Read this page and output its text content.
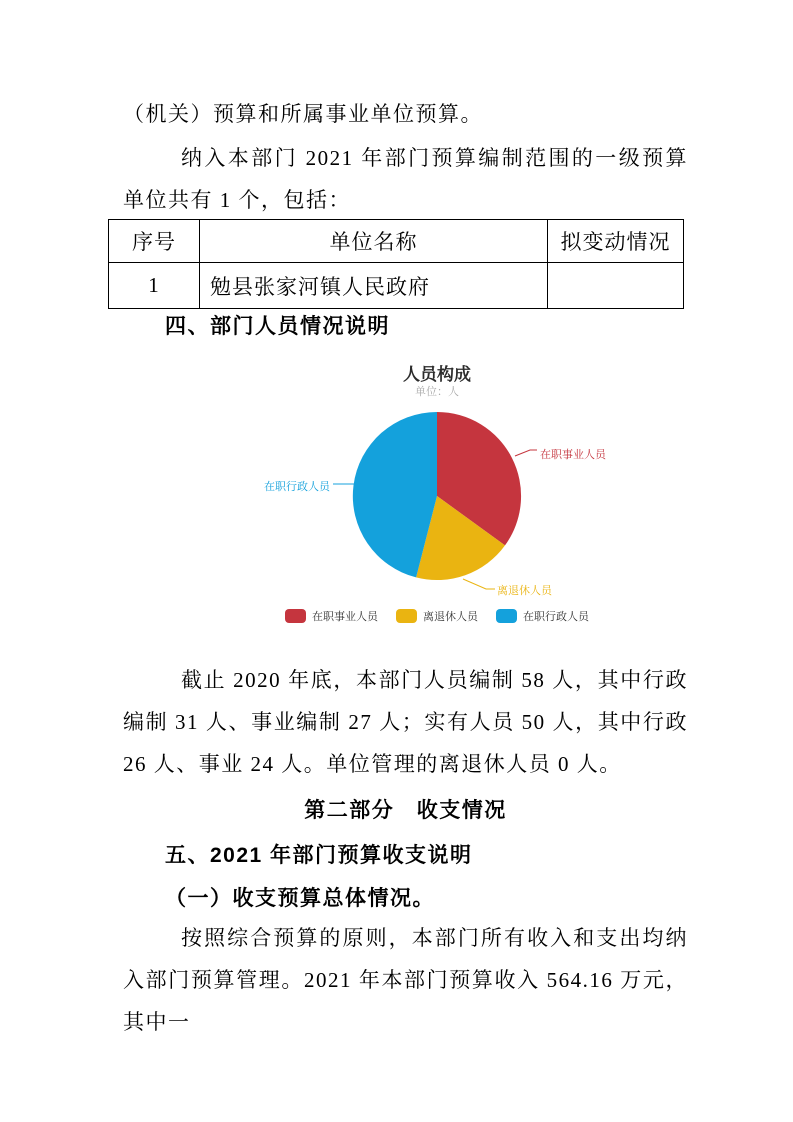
（机关）预算和所属事业单位预算。

纳入本部门 2021 年部门预算编制范围的一级预算单位共有 1 个，包括：

序号	单位名称	拟变动情况
1	勉县张家河镇人民政府	
四、部门人员情况说明
人员构成
单位：人
在职事业人员
离退休人员
在职行政人员
在职事业人员	离退休人员	在职行政人员

截止 2020 年底，本部门人员编制 58 人，其中行政编制 31 人、事业编制 27 人；实有人员 50 人，其中行政 26 人、事业 24 人。单位管理的离退休人员 0 人。

第二部分　收支情况
五、2021 年部门预算收支说明
（一）收支预算总体情况。

按照综合预算的原则，本部门所有收入和支出均纳入部门预算管理。2021 年本部门预算收入 564.16 万元，其中一
